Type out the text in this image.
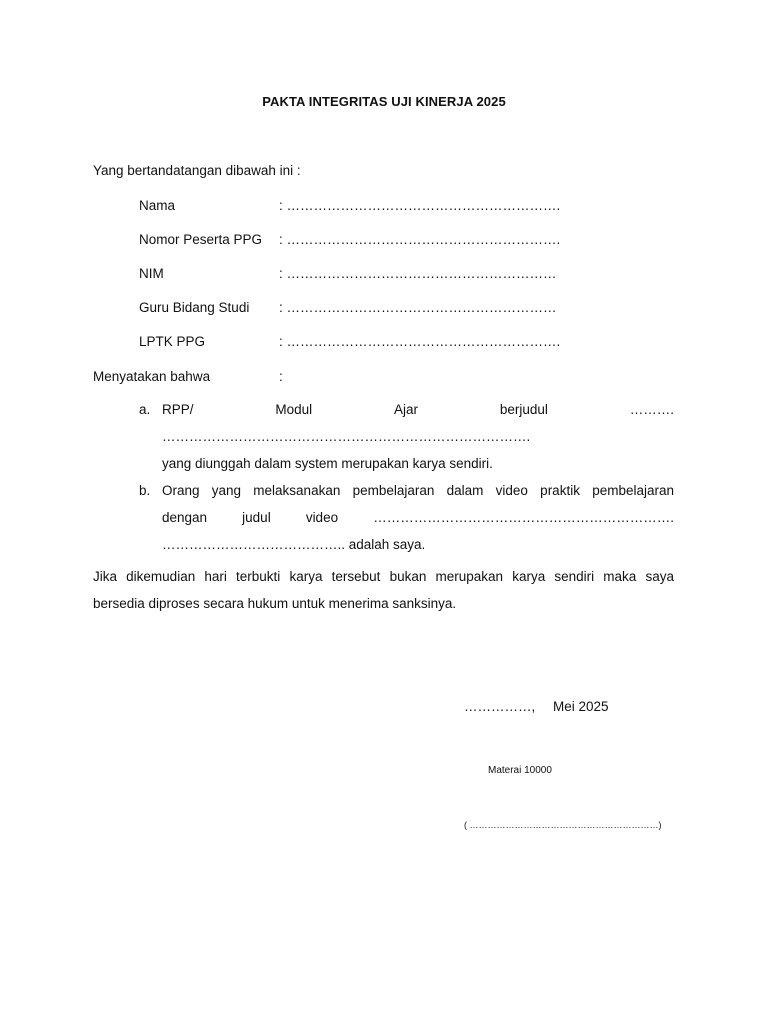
PAKTA INTEGRITAS UJI KINERJA 2025
Yang bertandatangan dibawah ini :
Nama	: …………………………………………………….
Nomor Peserta PPG : …………………………………………………….
NIM	: ……………………………………………………
Guru Bidang Studi : ……………………………………………………
LPTK PPG	: …………………………………………………….
Menyatakan bahwa	:
a. RPP/	Modul	Ajar	berjudul	……….
……………………………………………………………………….
yang diunggah dalam system merupakan karya sendiri.
b. Orang yang melaksanakan pembelajaran dalam video praktik pembelajaran
dengan	judul	video	………………………………………………………….
………………………………….. adalah saya.
Jika dikemudian hari terbukti karya tersebut bukan merupakan karya sendiri maka saya
bersedia diproses secara hukum untuk menerima sanksinya.
……………, Mei 2025
Materai 10000
( ………………………………………………………)
